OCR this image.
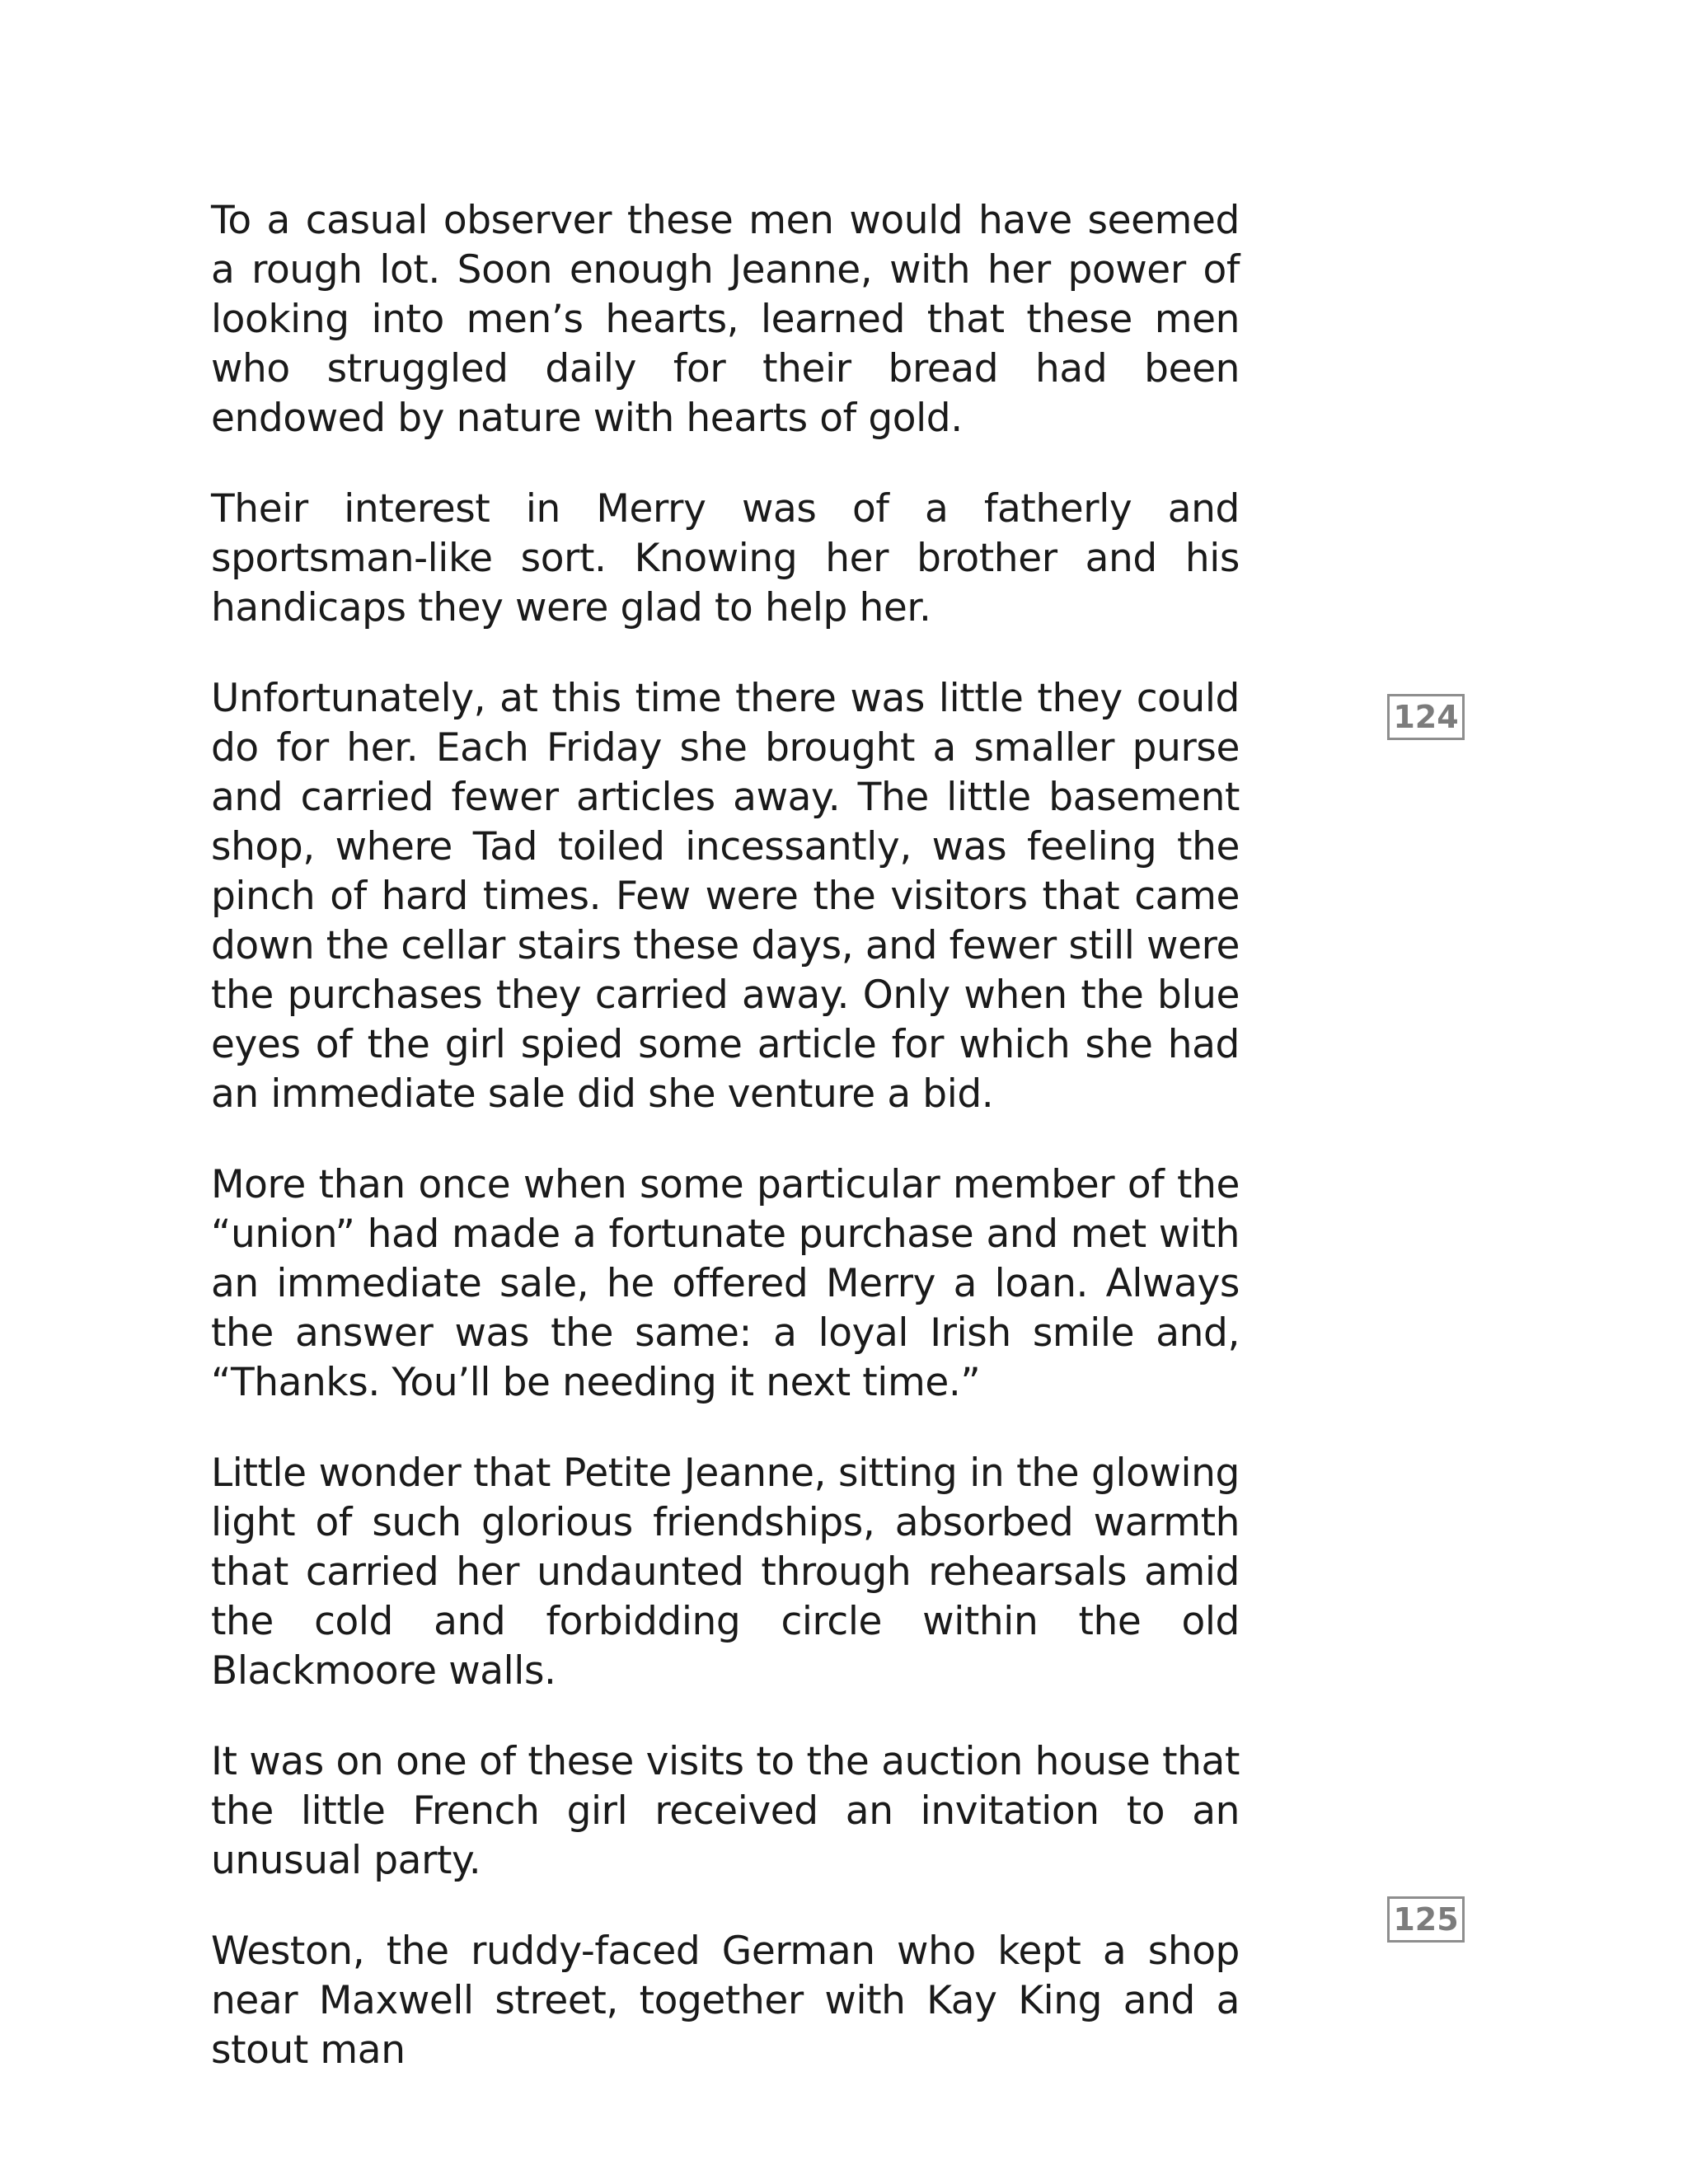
To a casual observer these men would have seemed a rough lot. Soon enough Jeanne, with her power of looking into men’s hearts, learned that these men who struggled daily for their bread had been endowed by nature with hearts of gold.

Their interest in Merry was of a fatherly and sportsman-like sort. Knowing her brother and his handicaps they were glad to help her.

Unfortunately, at this time there was little they could do for her. Each Friday she brought a smaller purse and carried fewer articles away. The little basement shop, where Tad toiled incessantly, was feeling the pinch of hard times. Few were the visitors that came down the cellar stairs these days, and fewer still were the purchases they carried away. Only when the blue eyes of the girl spied some article for which she had an immediate sale did she venture a bid.

More than once when some particular member of the “union” had made a fortunate purchase and met with an immediate sale, he offered Merry a loan. Always the answer was the same: a loyal Irish smile and, “Thanks. You’ll be needing it next time.”

Little wonder that Petite Jeanne, sitting in the glowing light of such glorious friendships, absorbed warmth that carried her undaunted through rehearsals amid the cold and forbidding circle within the old Blackmoore walls.

It was on one of these visits to the auction house that the little French girl received an invitation to an unusual party.

Weston, the ruddy-faced German who kept a shop near Maxwell street, together with Kay King and a stout man

124
125
